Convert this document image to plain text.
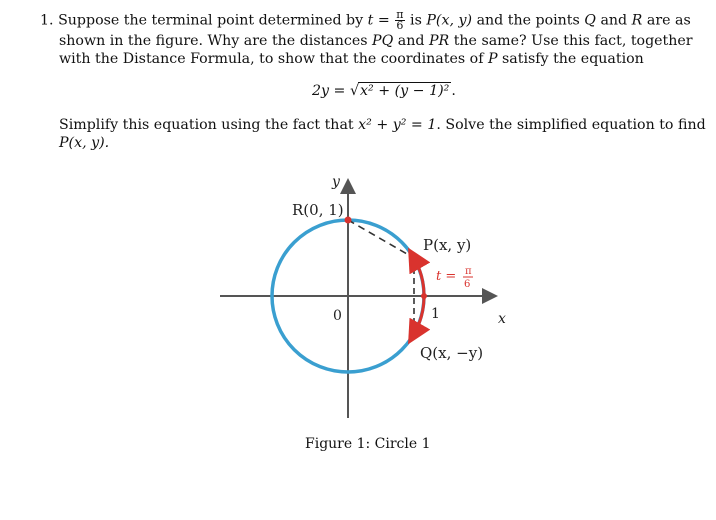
1. Suppose the terminal point determined by $t = \frac{\pi}{6}$ is P(x, y) and the points Q and R are as
shown in the figure. Why are the distances PQ and PR the same? Use this fact, together
with the Distance Formula, to show that the coordinates of P satisfy the equation
Simplify this equation using the fact that x² + y² = 1. Solve the simplified equation to find
P(x, y).
2y = √x² + (y − 1)² .
y
x
R(0, 1)
P(x, y)
Q(x, −y)
0	1
t = π
6
Figure 1: Circle 1
